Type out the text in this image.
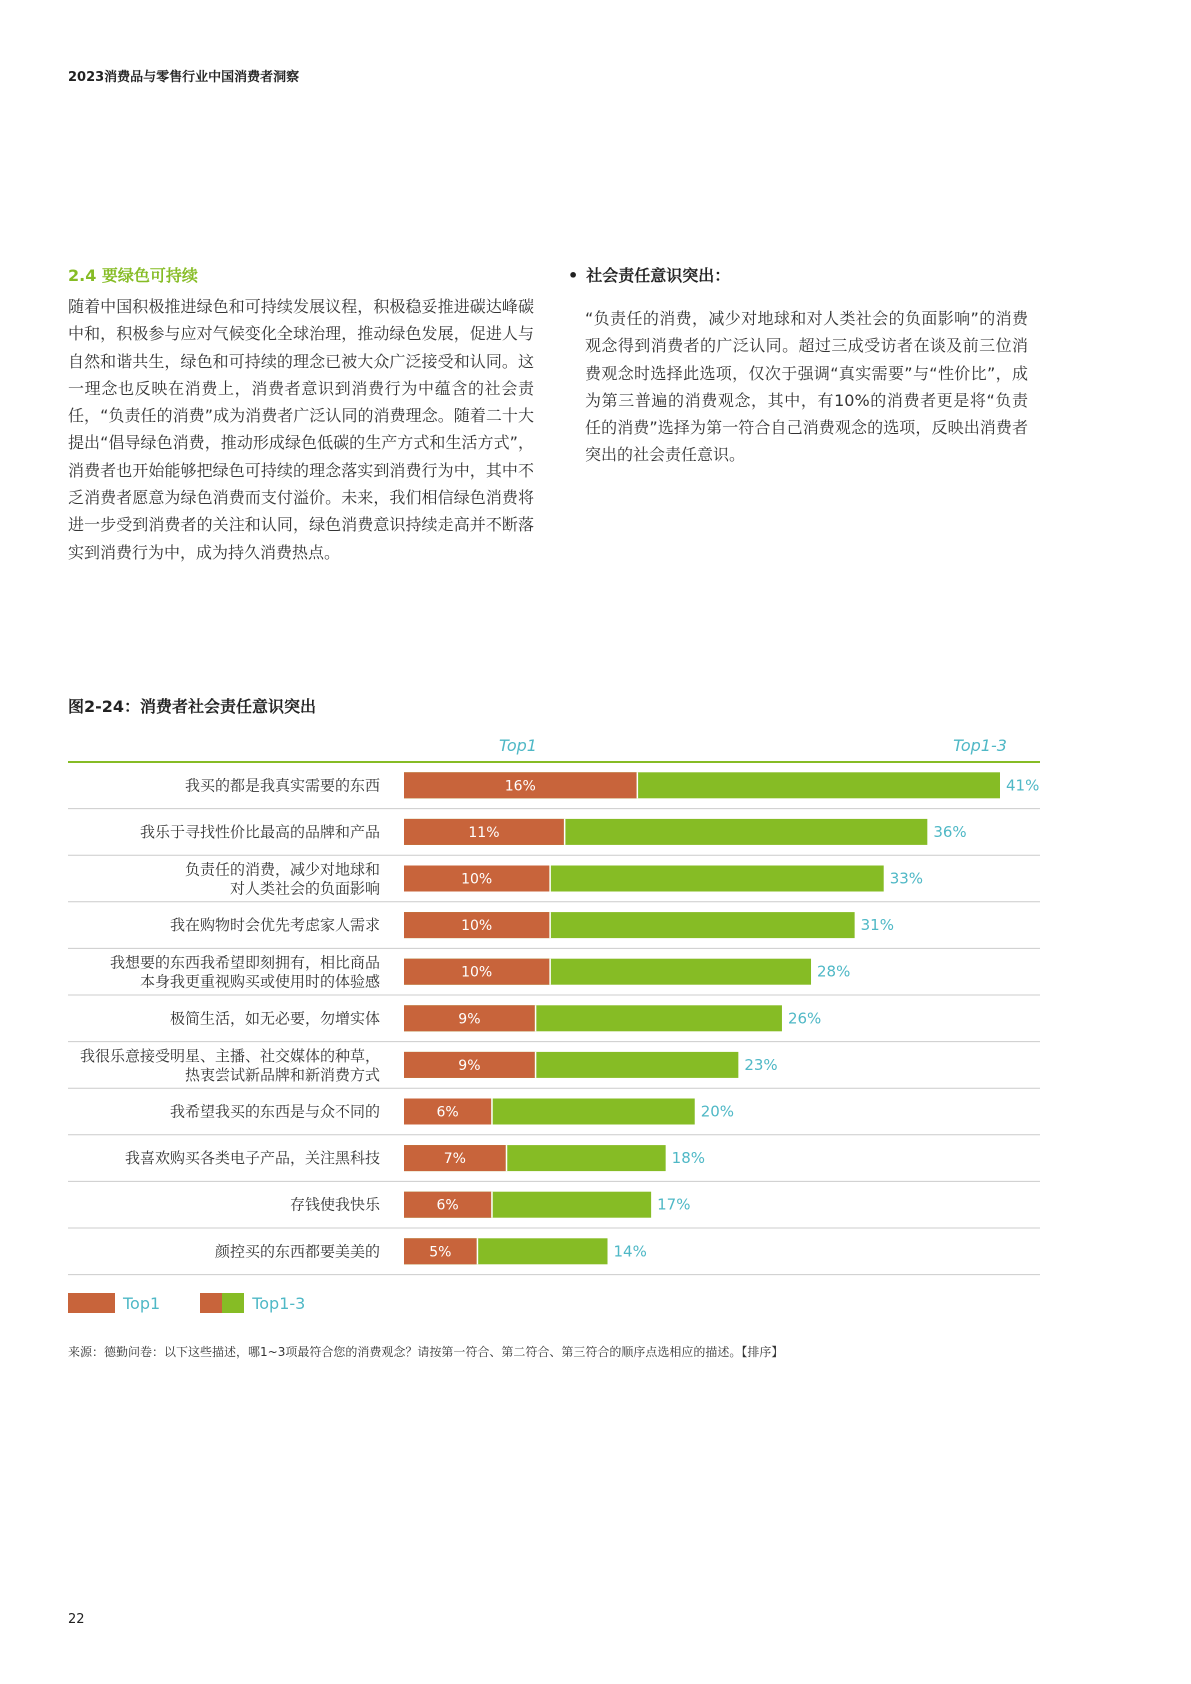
2023消费品与零售行业中国消费者洞察
2.4 要绿色可持续

随着中国积极推进绿色和可持续发展议程，积极稳妥推进碳达峰碳中和，积极参与应对气候变化全球治理，推动绿色发展，促进人与自然和谐共生，绿色和可持续的理念已被大众广泛接受和认同。这一理念也反映在消费上，消费者意识到消费行为中蕴含的社会责任，“负责任的消费”成为消费者广泛认同的消费理念。随着二十大提出“倡导绿色消费，推动形成绿色低碳的生产方式和生活方式”，消费者也开始能够把绿色可持续的理念落实到消费行为中，其中不乏消费者愿意为绿色消费而支付溢价。未来，我们相信绿色消费将进一步受到消费者的关注和认同，绿色消费意识持续走高并不断落实到消费行为中，成为持久消费热点。

• 社会责任意识突出：

“负责任的消费，减少对地球和对人类社会的负面影响”的消费观念得到消费者的广泛认同。超过三成受访者在谈及前三位消费观念时选择此选项，仅次于强调“真实需要”与“性价比”，成为第三普遍的消费观念，其中，有10%的消费者更是将“负责任的消费”选择为第一符合自己消费观念的选项，反映出消费者突出的社会责任意识。

图2-24：消费者社会责任意识突出
Top1	Top1-3
我买的都是我真实需要的东西	16%	41%
我乐于寻找性价比最高的品牌和产品	11%	36%
负责任的消费，减少对地球和对人类社会的负面影响	10%	33%
我在购物时会优先考虑家人需求	10%	31%
我想要的东西我希望即刻拥有，相比商品本身我更重视购买或使用时的体验感	10%	28%
极简生活，如无必要，勿增实体	9%	26%
我很乐意接受明星、主播、社交媒体的种草，热衷尝试新品牌和新消费方式	9%	23%
我希望我买的东西是与众不同的	6%	20%
我喜欢购买各类电子产品，关注黑科技	7%	18%
存钱使我快乐	6%	17%
颜控买的东西都要美美的	5%	14%
Top1	Top1-3
来源：德勤问卷：以下这些描述，哪1~3项最符合您的消费观念？请按第一符合、第二符合、第三符合的顺序点选相应的描述。【排序】
22
